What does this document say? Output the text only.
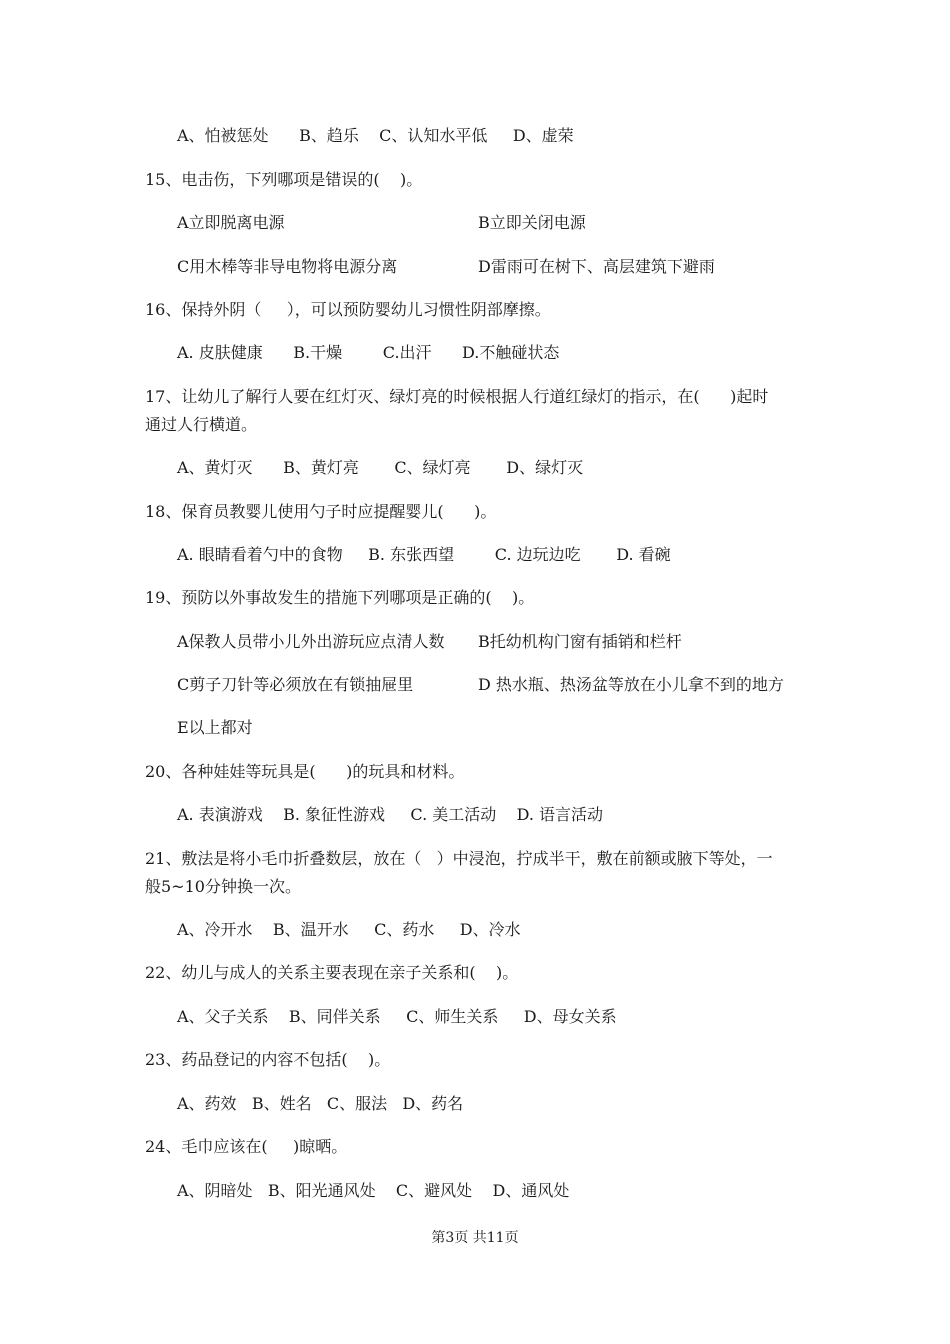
A、怕被惩处      B、趋乐    C、认知水平低     D、虚荣
15、电击伤，下列哪项是错误的(    )。
A立即脱离电源	B立即关闭电源
C用木棒等非导电物将电源分离	D雷雨可在树下、高层建筑下避雨
16、保持外阴（     ），可以预防婴幼儿习惯性阴部摩擦。
A. 皮肤健康      B.干燥        C.出汗      D.不触碰状态
17、让幼儿了解行人要在红灯灭、绿灯亮的时候根据人行道红绿灯的指示，在(      )起时
通过人行横道。
A、黄灯灭      B、黄灯亮       C、绿灯亮       D、绿灯灭
18、保育员教婴儿使用勺子时应提醒婴儿(      )。
A. 眼睛看着勺中的食物     B. 东张西望        C. 边玩边吃       D. 看碗
19、预防以外事故发生的措施下列哪项是正确的(    )。
A保教人员带小儿外出游玩应点清人数 B托幼机构门窗有插销和栏杆
C剪子刀针等必须放在有锁抽屉里	D 热水瓶、热汤盆等放在小儿拿不到的地方
E以上都对
20、各种娃娃等玩具是(      )的玩具和材料。
A. 表演游戏    B. 象征性游戏     C. 美工活动    D. 语言活动
21、敷法是将小毛巾折叠数层，放在（   ）中浸泡，拧成半干，敷在前额或腋下等处，一
般5~10分钟换一次。
A、冷开水    B、温开水     C、药水     D、冷水
22、幼儿与成人的关系主要表现在亲子关系和(    )。
A、父子关系    B、同伴关系     C、师生关系     D、母女关系
23、药品登记的内容不包括(    )。
A、药效   B、姓名   C、服法   D、药名
24、毛巾应该在(     )晾晒。
A、阴暗处   B、阳光通风处    C、避风处    D、通风处
第3页 共11页
